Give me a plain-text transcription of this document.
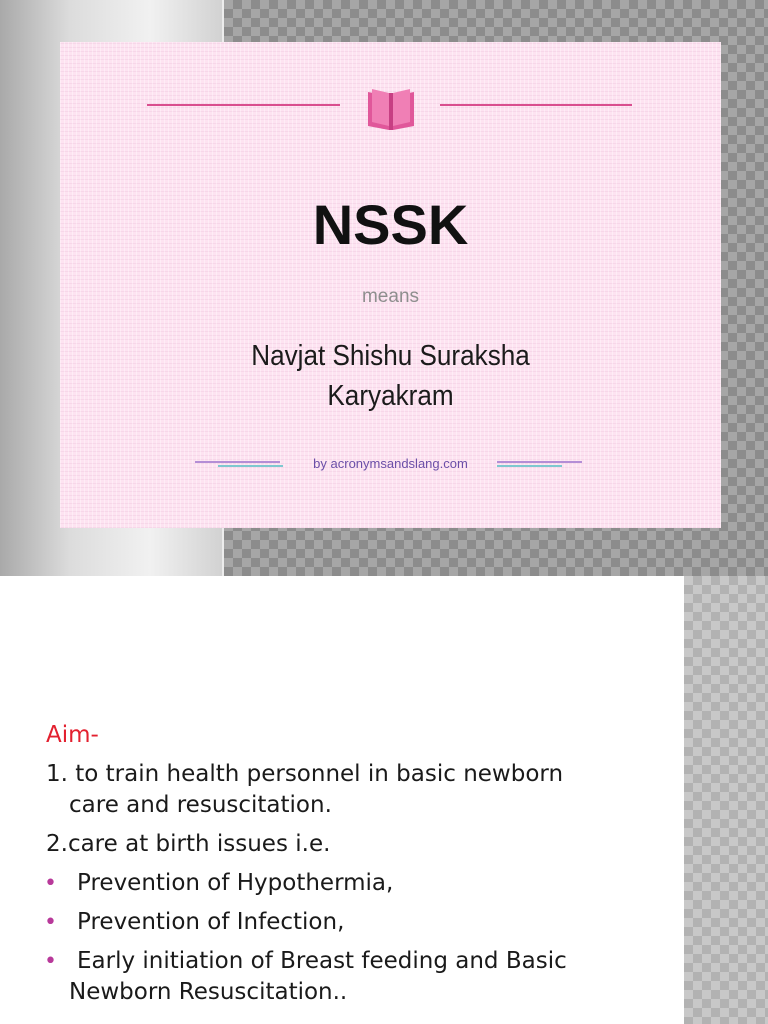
NSSK
means
Navjat Shishu Suraksha
Karyakram
by acronymsandslang.com
Aim-
1. to train health personnel in basic newborn
care and resuscitation.
2.care at birth issues i.e.
• Prevention of Hypothermia,
• Prevention of Infection,
• Early initiation of Breast feeding and Basic
Newborn Resuscitation..
